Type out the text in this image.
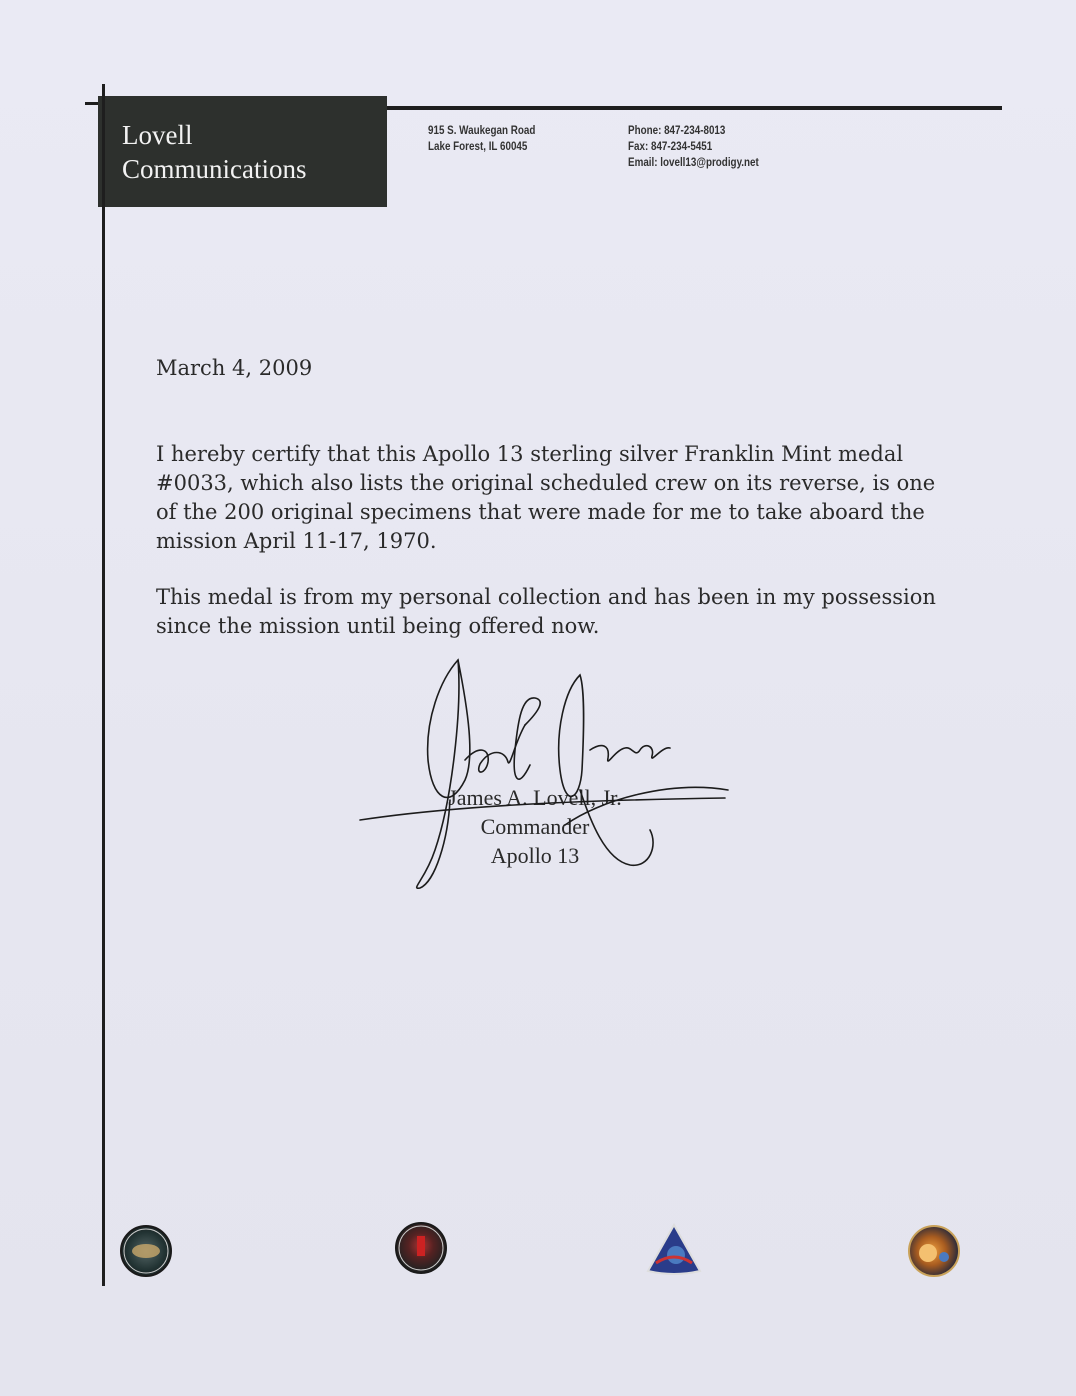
Lovell
Communications
915 S. Waukegan Road
Lake Forest, IL 60045
Phone: 847-234-8013
Fax: 847-234-5451
Email: lovell13@prodigy.net
March 4, 2009
I hereby certify that this Apollo 13 sterling silver Franklin Mint medal #0033, which also lists the original scheduled crew on its reverse, is one of the 200 original specimens that were made for me to take aboard the mission April 11-17, 1970.
This medal is from my personal collection and has been in my possession since the mission until being offered now.
James A. Lovell, Jr.
Commander
Apollo 13
